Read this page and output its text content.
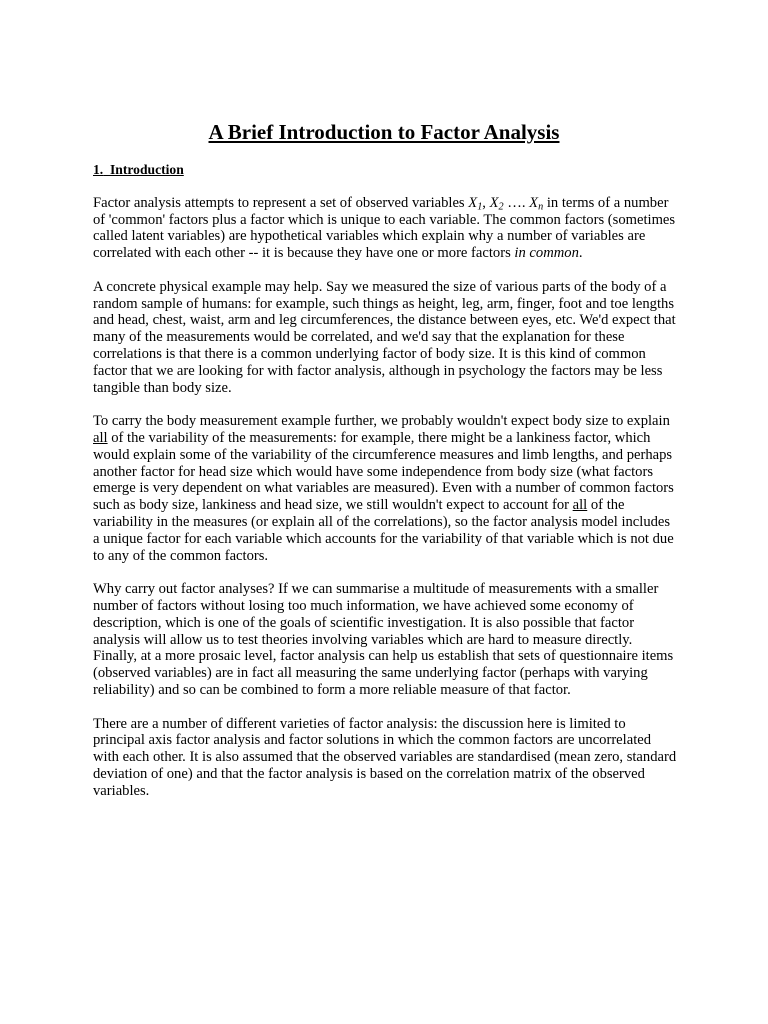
A Brief Introduction to Factor Analysis
1. Introduction

Factor analysis attempts to represent a set of observed variables $X_1$, $X_2$ …. $X_n$ in terms of a number of 'common' factors plus a factor which is unique to each variable. The common factors (sometimes called latent variables) are hypothetical variables which explain why a number of variables are correlated with each other -- it is because they have one or more factors in common.

A concrete physical example may help. Say we measured the size of various parts of the body of a random sample of humans: for example, such things as height, leg, arm, finger, foot and toe lengths and head, chest, waist, arm and leg circumferences, the distance between eyes, etc. We'd expect that many of the measurements would be correlated, and we'd say that the explanation for these correlations is that there is a common underlying factor of body size. It is this kind of common factor that we are looking for with factor analysis, although in psychology the factors may be less tangible than body size.

To carry the body measurement example further, we probably wouldn't expect body size to explain all of the variability of the measurements: for example, there might be a lankiness factor, which would explain some of the variability of the circumference measures and limb lengths, and perhaps another factor for head size which would have some independence from body size (what factors emerge is very dependent on what variables are measured). Even with a number of common factors such as body size, lankiness and head size, we still wouldn't expect to account for all of the variability in the measures (or explain all of the correlations), so the factor analysis model includes a unique factor for each variable which accounts for the variability of that variable which is not due to any of the common factors.

Why carry out factor analyses? If we can summarise a multitude of measurements with a smaller number of factors without losing too much information, we have achieved some economy of description, which is one of the goals of scientific investigation. It is also possible that factor analysis will allow us to test theories involving variables which are hard to measure directly. Finally, at a more prosaic level, factor analysis can help us establish that sets of questionnaire items (observed variables) are in fact all measuring the same underlying factor (perhaps with varying reliability) and so can be combined to form a more reliable measure of that factor.

There are a number of different varieties of factor analysis: the discussion here is limited to principal axis factor analysis and factor solutions in which the common factors are uncorrelated with each other. It is also assumed that the observed variables are standardised (mean zero, standard deviation of one) and that the factor analysis is based on the correlation matrix of the observed variables.
